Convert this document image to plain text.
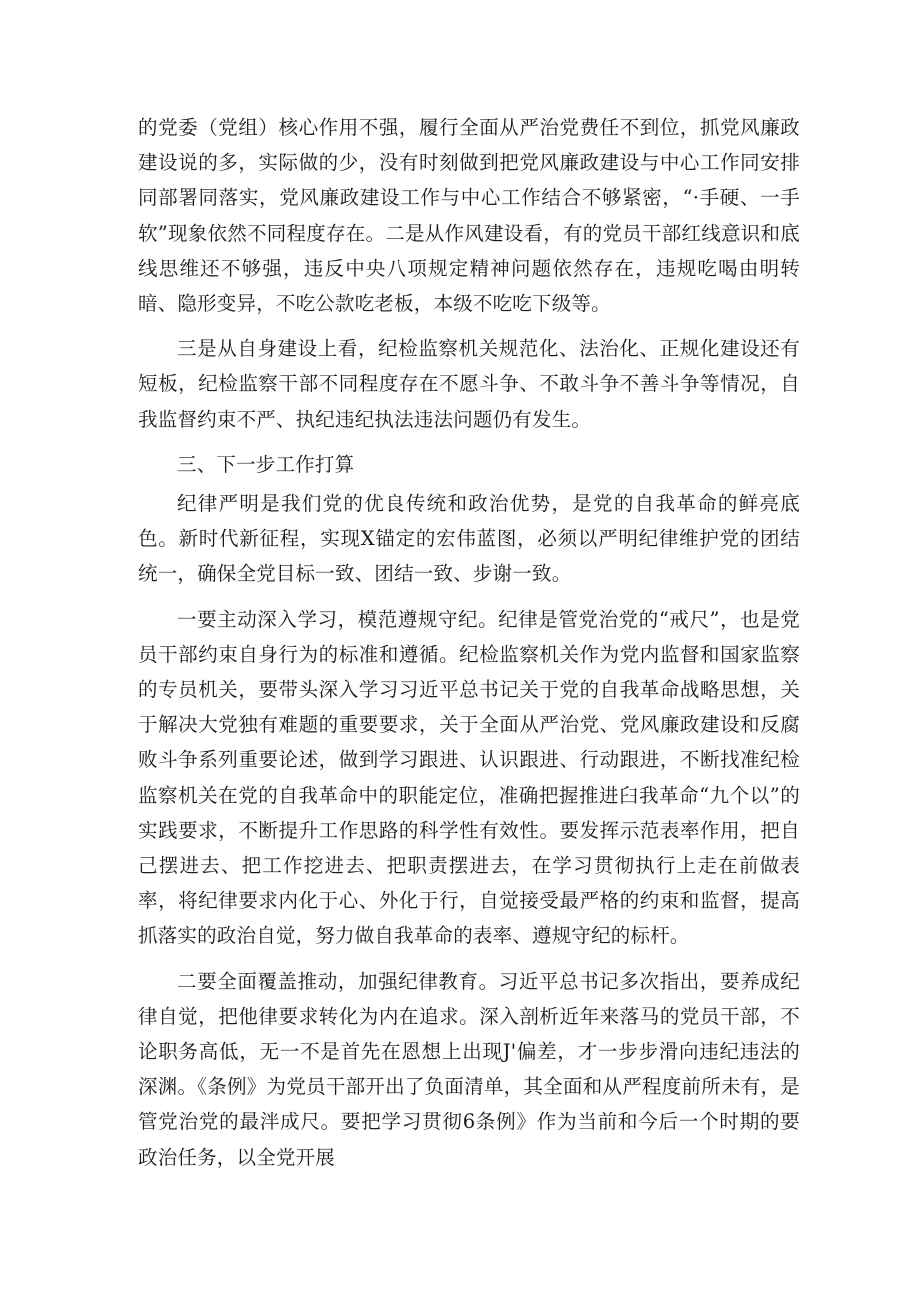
的党委（党组）核心作用不强，履行全面从严治党费任不到位，抓党风廉政建设说的多，实际做的少，没有时刻做到把党风廉政建设与中心工作同安排同部署同落实，党风廉政建设工作与中心工作结合不够紧密，“·手硬、一手软”现象依然不同程度存在。二是从作风建设看，有的党员干部红线意识和底线思维还不够强，违反中央八项规定精神问题依然存在，违规吃喝由明转暗、隐形变异，不吃公款吃老板，本级不吃吃下级等。

三是从自身建设上看，纪检监察机关规范化、法治化、正规化建设还有短板，纪检监察干部不同程度存在不愿斗争、不敢斗争不善斗争等情况，自我监督约束不严、执纪违纪执法违法问题仍有发生。

三、下一步工作打算

纪律严明是我们党的优良传统和政治优势，是党的自我革命的鲜亮底色。新时代新征程，实现X锚定的宏伟蓝图，必须以严明纪律维护党的团结统一，确保全党目标一致、团结一致、步谢一致。

一要主动深入学习，模范遵规守纪。纪律是管党治党的“戒尺”，也是党员干部约束自身行为的标准和遵循。纪检监察机关作为党内监督和国家监察的专员机关，要带头深入学习习近平总书记关于党的自我革命战略思想，关于解决大党独有难题的重要要求，关于全面从严治党、党风廉政建设和反腐败斗争系列重要论述，做到学习跟进、认识跟进、行动跟进，不断找准纪检监察机关在党的自我革命中的职能定位，准确把握推进臼我革命“九个以”的实践要求，不断提升工作思路的科学性有效性。要发挥示范表率作用，把自己摆进去、把工作挖进去、把职责摆进去，在学习贯彻执行上走在前做表率，将纪律要求内化于心、外化于行，自觉接受最严格的约束和监督，提高抓落实的政治自觉，努力做自我革命的表率、遵规守纪的标杆。

二要全面覆盖推动，加强纪律教育。习近平总书记多次指出，要养成纪律自觉，把他律要求转化为内在追求。深入剖析近年来落马的党员干部，不论职务高低，无一不是首先在恩想上出现J'偏差，才一步步滑向违纪违法的深渊。《条例》为党员干部开出了负面清单，其全面和从严程度前所未有，是管党治党的最泮成尺。要把学习贯彻6条例》作为当前和今后一个时期的要政治任务，以全党开展
